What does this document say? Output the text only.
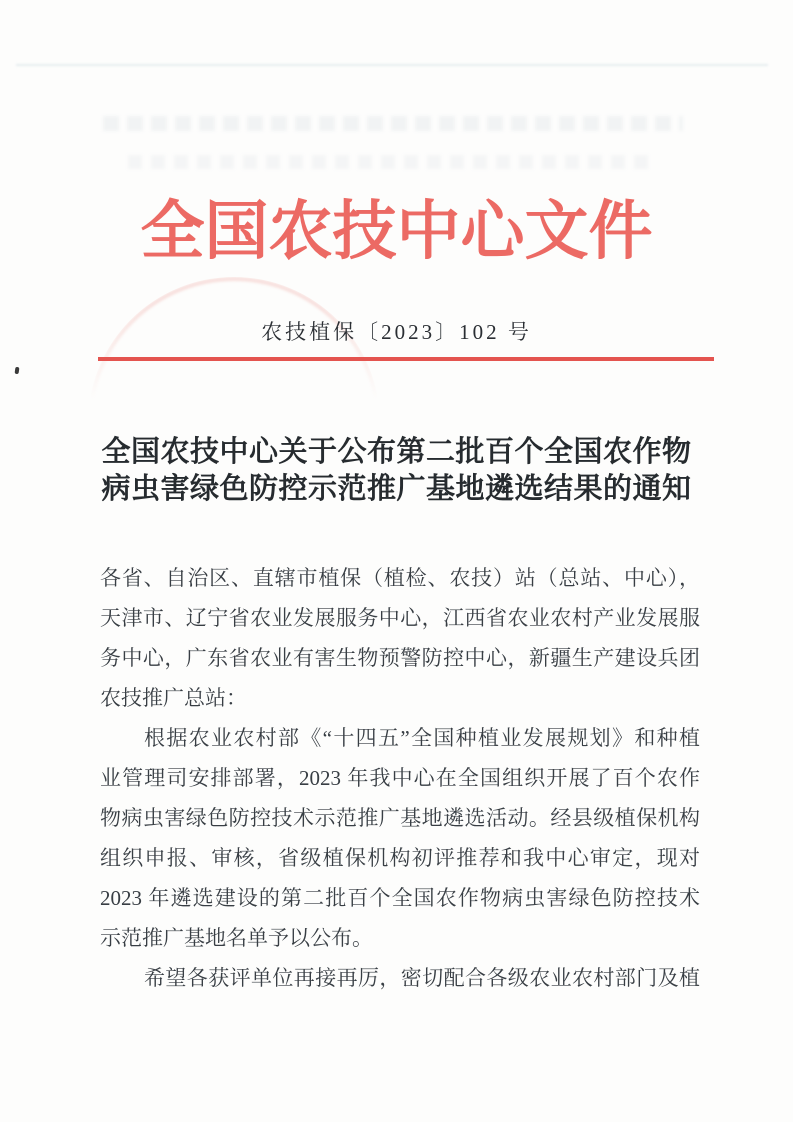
全国农技中心文件
农技植保〔2023〕102 号
全国农技中心关于公布第二批百个全国农作物
病虫害绿色防控示范推广基地遴选结果的通知
各省、自治区、直辖市植保（植检、农技）站（总站、中心），
天津市、辽宁省农业发展服务中心，江西省农业农村产业发展服
务中心，广东省农业有害生物预警防控中心，新疆生产建设兵团
农技推广总站：
根据农业农村部《“十四五”全国种植业发展规划》和种植
业管理司安排部署，2023 年我中心在全国组织开展了百个农作
物病虫害绿色防控技术示范推广基地遴选活动。经县级植保机构
组织申报、审核，省级植保机构初评推荐和我中心审定，现对
2023 年遴选建设的第二批百个全国农作物病虫害绿色防控技术
示范推广基地名单予以公布。
希望各获评单位再接再厉，密切配合各级农业农村部门及植
